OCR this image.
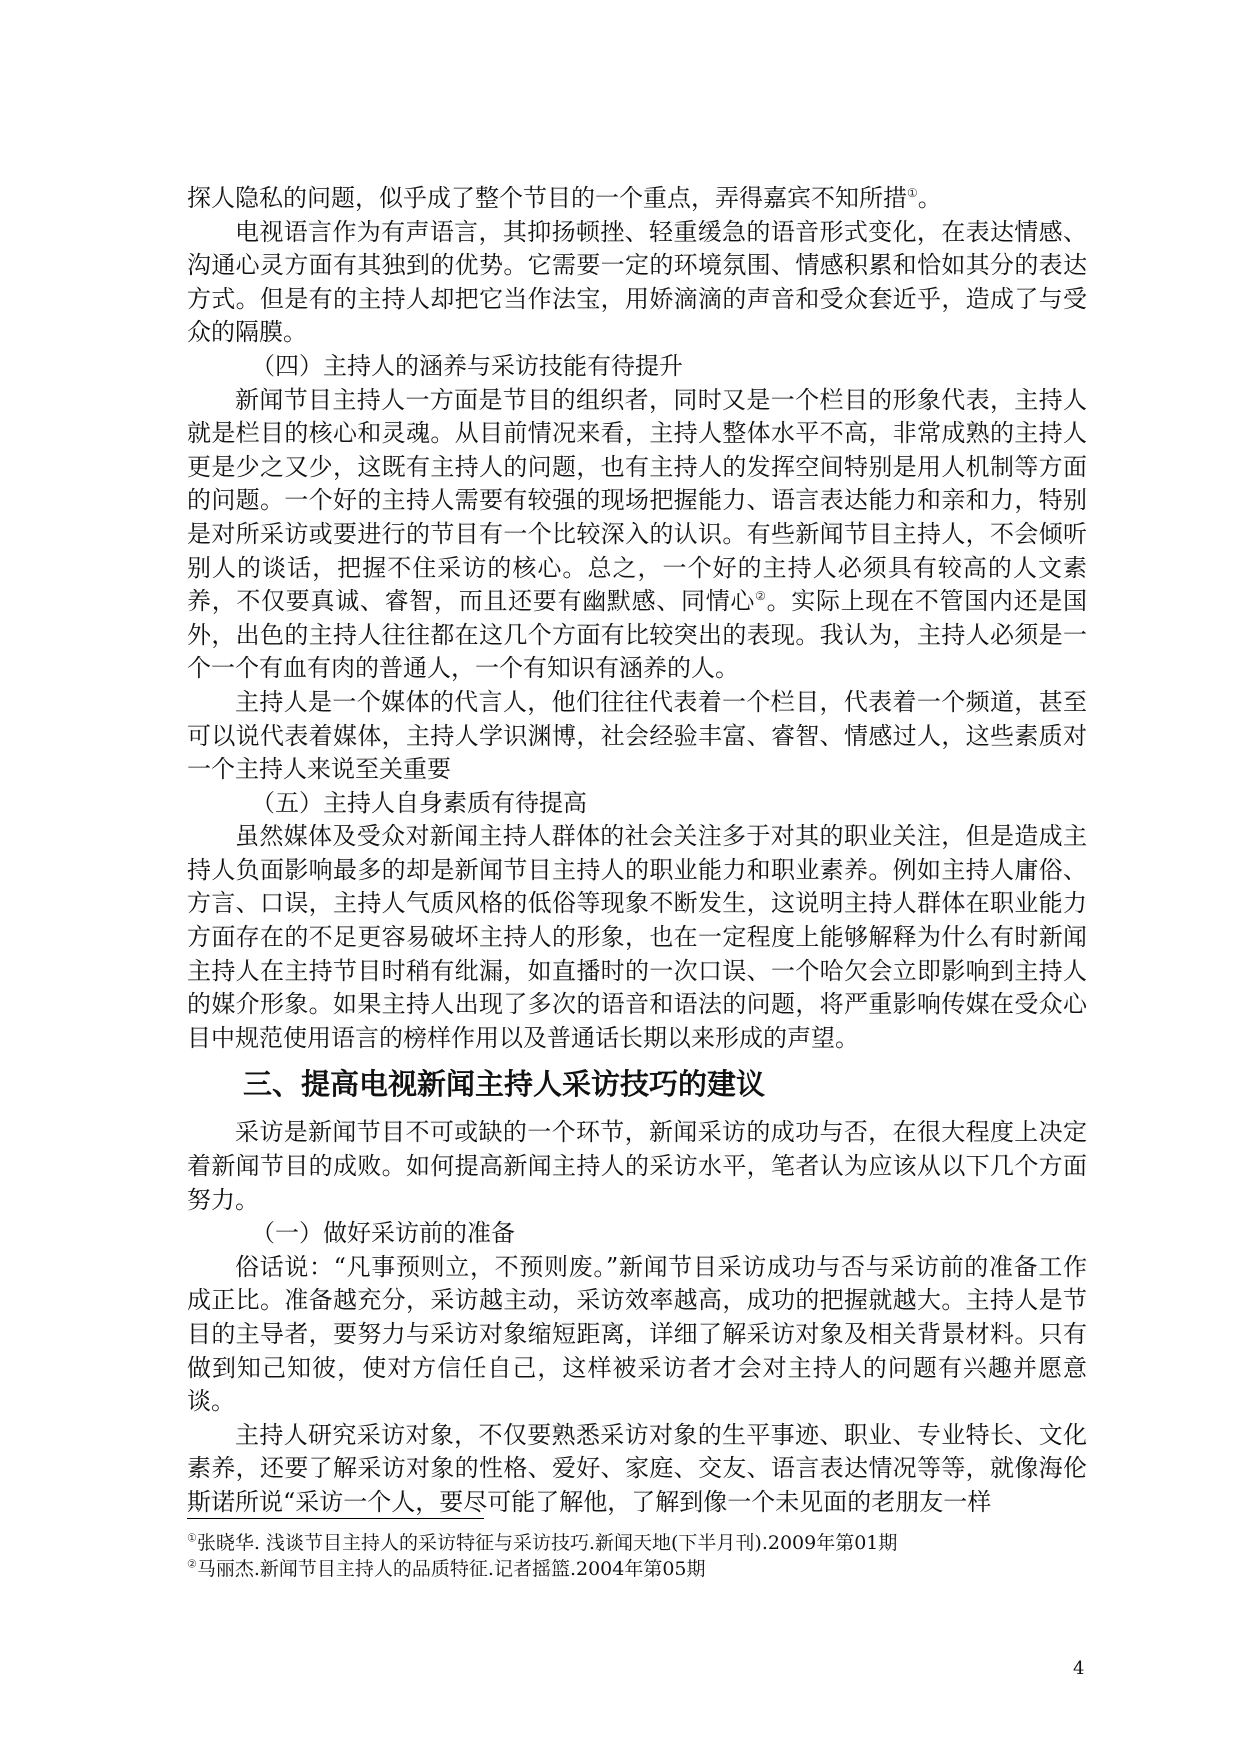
探人隐私的问题，似乎成了整个节目的一个重点，弄得嘉宾不知所措①。

电视语言作为有声语言，其抑扬顿挫、轻重缓急的语音形式变化，在表达情感、沟通心灵方面有其独到的优势。它需要一定的环境氛围、情感积累和恰如其分的表达方式。但是有的主持人却把它当作法宝，用娇滴滴的声音和受众套近乎，造成了与受众的隔膜。

（四）主持人的涵养与采访技能有待提升

新闻节目主持人一方面是节目的组织者，同时又是一个栏目的形象代表，主持人就是栏目的核心和灵魂。从目前情况来看，主持人整体水平不高，非常成熟的主持人更是少之又少，这既有主持人的问题，也有主持人的发挥空间特别是用人机制等方面的问题。一个好的主持人需要有较强的现场把握能力、语言表达能力和亲和力，特别是对所采访或要进行的节目有一个比较深入的认识。有些新闻节目主持人，不会倾听别人的谈话，把握不住采访的核心。总之，一个好的主持人必须具有较高的人文素养，不仅要真诚、睿智，而且还要有幽默感、同情心②。实际上现在不管国内还是国外，出色的主持人往往都在这几个方面有比较突出的表现。我认为，主持人必须是一个一个有血有肉的普通人，一个有知识有涵养的人。

主持人是一个媒体的代言人，他们往往代表着一个栏目，代表着一个频道，甚至可以说代表着媒体，主持人学识渊博，社会经验丰富、睿智、情感过人，这些素质对一个主持人来说至关重要

（五）主持人自身素质有待提高

虽然媒体及受众对新闻主持人群体的社会关注多于对其的职业关注，但是造成主持人负面影响最多的却是新闻节目主持人的职业能力和职业素养。例如主持人庸俗、方言、口误，主持人气质风格的低俗等现象不断发生，这说明主持人群体在职业能力方面存在的不足更容易破坏主持人的形象，也在一定程度上能够解释为什么有时新闻主持人在主持节目时稍有纰漏，如直播时的一次口误、一个哈欠会立即影响到主持人的媒介形象。如果主持人出现了多次的语音和语法的问题，将严重影响传媒在受众心目中规范使用语言的榜样作用以及普通话长期以来形成的声望。

三、提高电视新闻主持人采访技巧的建议

采访是新闻节目不可或缺的一个环节，新闻采访的成功与否，在很大程度上决定着新闻节目的成败。如何提高新闻主持人的采访水平，笔者认为应该从以下几个方面努力。

（一）做好采访前的准备

俗话说：“凡事预则立，不预则废。”新闻节目采访成功与否与采访前的准备工作成正比。准备越充分，采访越主动，采访效率越高，成功的把握就越大。主持人是节目的主导者，要努力与采访对象缩短距离，详细了解采访对象及相关背景材料。只有做到知己知彼，使对方信任自己，这样被采访者才会对主持人的问题有兴趣并愿意谈。

主持人研究采访对象，不仅要熟悉采访对象的生平事迹、职业、专业特长、文化素养，还要了解采访对象的性格、爱好、家庭、交友、语言表达情况等等，就像海伦斯诺所说“采访一个人，要尽可能了解他，了解到像一个未见面的老朋友一样

①张晓华. 浅谈节目主持人的采访特征与采访技巧.新闻天地(下半月刊).2009年第01期

②马丽杰.新闻节目主持人的品质特征.记者摇篮.2004年第05期

4
